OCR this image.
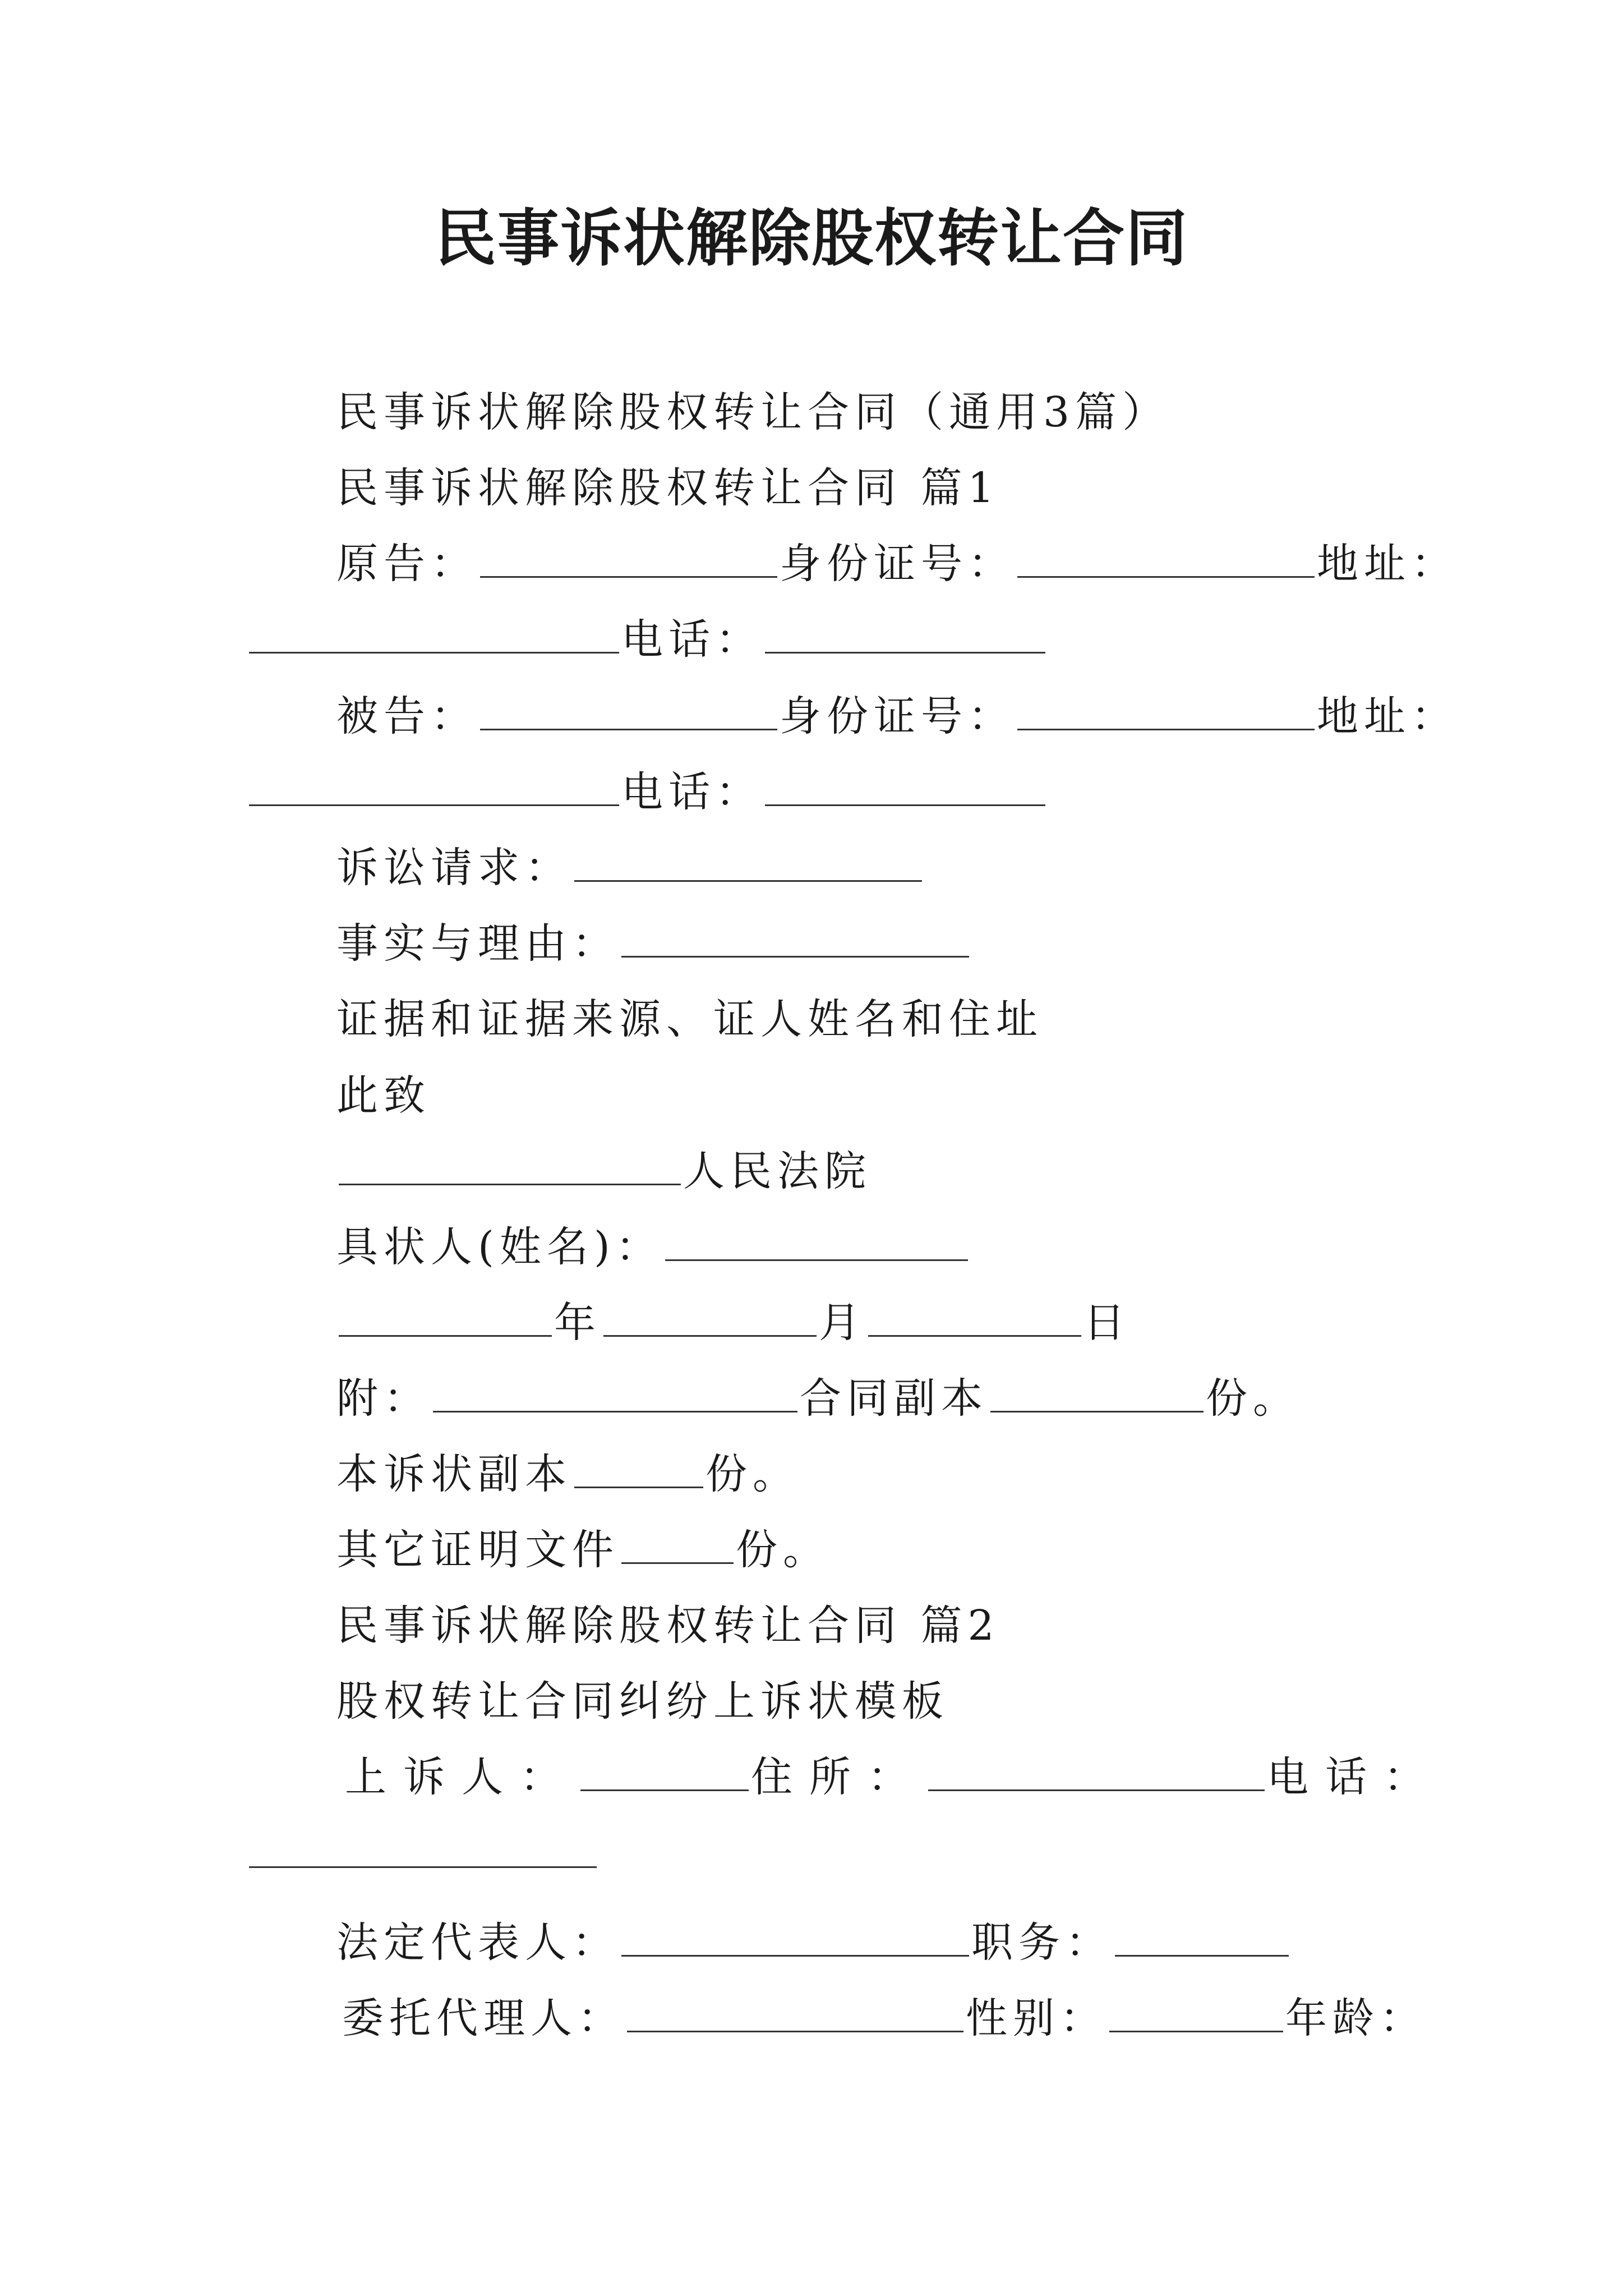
民事诉状解除股权转让合同
民事诉状解除股权转让合同（通用3篇）
民事诉状解除股权转让合同 篇1
原告：	身份证号：	地址：
电话：
被告：	身份证号：	地址：
电话：
诉讼请求：
事实与理由：
证据和证据来源、证人姓名和住址
此致
人民法院
具状人(姓名)：
年	月	日
附：	合同副本	份。
本诉状副本	份。
其它证明文件	份。
民事诉状解除股权转让合同 篇2
股权转让合同纠纷上诉状模板
上诉人：	住所：	电话：
法定代表人：	职务：
委托代理人：	性别：	年龄：
